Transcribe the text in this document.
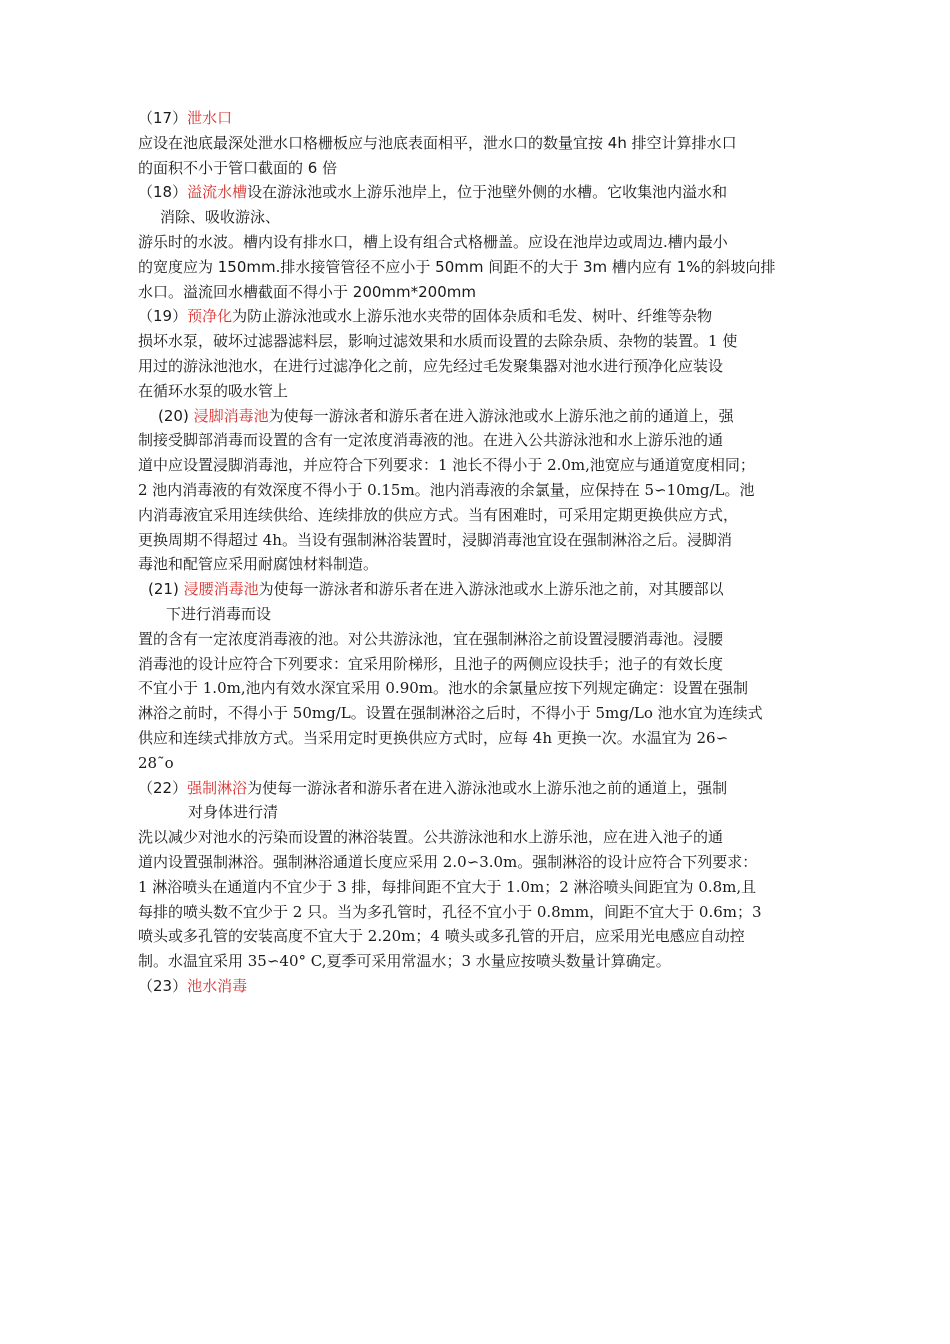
（17）泄水口

应设在池底最深处泄水口格栅板应与池底表面相平，泄水口的数量宜按 4h 排空计算排水口

的面积不小于管口截面的 6 倍

（18）溢流水槽设在游泳池或水上游乐池岸上，位于池壁外侧的水槽。它收集池内溢水和

消除、吸收游泳、

游乐时的水波。槽内设有排水口，槽上设有组合式格栅盖。应设在池岸边或周边.槽内最小

的宽度应为 150mm.排水接管管径不应小于 50mm 间距不的大于 3m 槽内应有 1%的斜坡向排

水口。溢流回水槽截面不得小于 200mm*200mm

（19）预净化为防止游泳池或水上游乐池水夹带的固体杂质和毛发、树叶、纤维等杂物

损坏水泵，破坏过滤器滤料层，影响过滤效果和水质而设置的去除杂质、杂物的装置。1 使

用过的游泳池池水，在进行过滤净化之前，应先经过毛发聚集器对池水进行预净化应装设

在循环水泵的吸水管上

(20) 浸脚消毒池为使每一游泳者和游乐者在进入游泳池或水上游乐池之前的通道上，强

制接受脚部消毒而设置的含有一定浓度消毒液的池。在进入公共游泳池和水上游乐池的通

道中应设置浸脚消毒池，并应符合下列要求：1 池长不得小于 2.0m,池宽应与通道宽度相同；

2 池内消毒液的有效深度不得小于 0.15m。池内消毒液的余氯量，应保持在 5∽10mg/L。池

内消毒液宜采用连续供给、连续排放的供应方式。当有困难时，可采用定期更换供应方式，

更换周期不得超过 4h。当设有强制淋浴装置时，浸脚消毒池宜设在强制淋浴之后。浸脚消

毒池和配管应采用耐腐蚀材料制造。

(21) 浸腰消毒池为使每一游泳者和游乐者在进入游泳池或水上游乐池之前，对其腰部以

下进行消毒而设

置的含有一定浓度消毒液的池。对公共游泳池，宜在强制淋浴之前设置浸腰消毒池。浸腰

消毒池的设计应符合下列要求：宜采用阶梯形，且池子的两侧应设扶手；池子的有效长度

不宜小于 1.0m,池内有效水深宜采用 0.90m。池水的余氯量应按下列规定确定：设置在强制

淋浴之前时，不得小于 50mg/L。设置在强制淋浴之后时，不得小于 5mg/Lo 池水宜为连续式

供应和连续式排放方式。当采用定时更换供应方式时，应每 4h 更换一次。水温宜为 26∽

28˜o

（22）强制淋浴为使每一游泳者和游乐者在进入游泳池或水上游乐池之前的通道上，强制

对身体进行清

洗以减少对池水的污染而设置的淋浴装置。公共游泳池和水上游乐池，应在进入池子的通

道内设置强制淋浴。强制淋浴通道长度应采用 2.0∽3.0m。强制淋浴的设计应符合下列要求：

1 淋浴喷头在通道内不宜少于 3 排，每排间距不宜大于 1.0m；2 淋浴喷头间距宜为 0.8m,且

每排的喷头数不宜少于 2 只。当为多孔管时，孔径不宜小于 0.8mm，间距不宜大于 0.6m；3

喷头或多孔管的安装高度不宜大于 2.20m；4 喷头或多孔管的开启，应采用光电感应自动控

制。水温宜采用 35∽40° C,夏季可采用常温水；3 水量应按喷头数量计算确定。

（23）池水消毒
